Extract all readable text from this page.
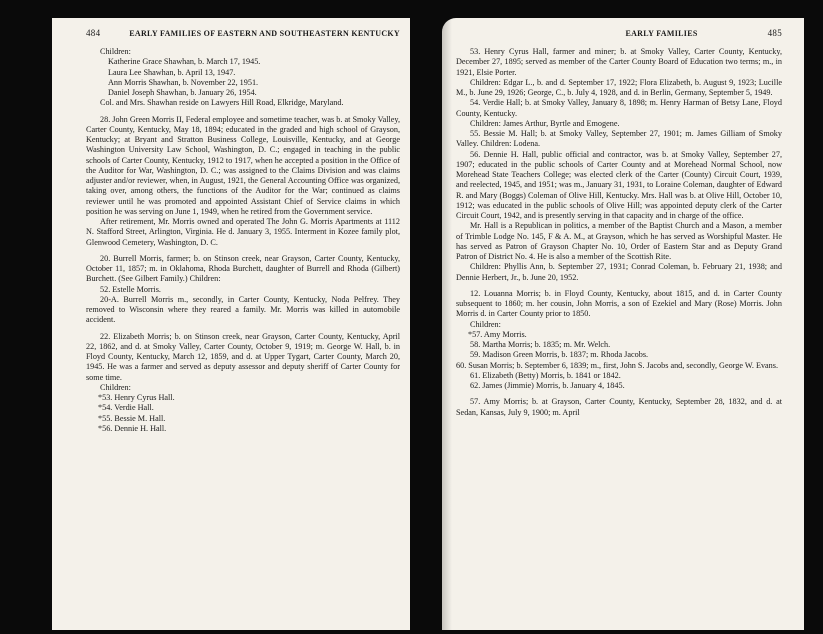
484	EARLY FAMILIES OF EASTERN AND SOUTHEASTERN KENTUCKY

Children:

Katherine Grace Shawhan, b. March 17, 1945.

Laura Lee Shawhan, b. April 13, 1947.

Ann Morris Shawhan, b. November 22, 1951.

Daniel Joseph Shawhan, b. January 26, 1954.

Col. and Mrs. Shawhan reside on Lawyers Hill Road, Elkridge, Maryland.

28. John Green Morris II, Federal employee and sometime teacher, was b. at Smoky Valley, Carter County, Kentucky, May 18, 1894; educated in the graded and high school of Grayson, Kentucky; at Bryant and Stratton Business College, Louisville, Kentucky, and at George Washington University Law School, Washington, D. C.; engaged in teaching in the public schools of Carter County, Kentucky, 1912 to 1917, when he accepted a position in the Office of the Auditor for War, Washington, D. C.; was assigned to the Claims Division and was claims adjuster and/or reviewer, when, in August, 1921, the General Accounting Office was organized, taking over, among others, the functions of the Auditor for the War; continued as claims reviewer until he was promoted and appointed Assistant Chief of Service claims in which position he was serving on June 1, 1949, when he retired from the Government service.

After retirement, Mr. Morris owned and operated The John G. Morris Apartments at 1112 N. Stafford Street, Arlington, Virginia. He d. January 3, 1955. Interment in Kozee family plot, Glenwood Cemetery, Washington, D. C.

20. Burrell Morris, farmer; b. on Stinson creek, near Grayson, Carter County, Kentucky, October 11, 1857; m. in Oklahoma, Rhoda Burchett, daughter of Burrell and Rhoda (Gilbert) Burchett. (See Gilbert Family.) Children:

52. Estelle Morris.

20-A. Burrell Morris m., secondly, in Carter County, Kentucky, Noda Pelfrey. They removed to Wisconsin where they reared a family. Mr. Morris was killed in automobile accident.

22. Elizabeth Morris; b. on Stinson creek, near Grayson, Carter County, Kentucky, April 22, 1862, and d. at Smoky Valley, Carter County, October 9, 1919; m. George W. Hall, b. in Floyd County, Kentucky, March 12, 1859, and d. at Upper Tygart, Carter County, March 20, 1945. He was a farmer and served as deputy assessor and deputy sheriff of Carter County for some time.

Children:

*53. Henry Cyrus Hall.

*54. Verdie Hall.

*55. Bessie M. Hall.

*56. Dennie H. Hall.

EARLY FAMILIES	485

53. Henry Cyrus Hall, farmer and miner; b. at Smoky Valley, Carter County, Kentucky, December 27, 1895; served as member of the Carter County Board of Education two terms; m., in 1921, Elsie Porter.

Children: Edgar L., b. and d. September 17, 1922; Flora Elizabeth, b. August 9, 1923; Lucille M., b. June 29, 1926; George, C., b. July 4, 1928, and d. in Berlin, Germany, September 5, 1949.

54. Verdie Hall; b. at Smoky Valley, January 8, 1898; m. Henry Harman of Betsy Lane, Floyd County, Kentucky.

Children: James Arthur, Byrtle and Emogene.

55. Bessie M. Hall; b. at Smoky Valley, September 27, 1901; m. James Gilliam of Smoky Valley. Children: Lodena.

56. Dennie H. Hall, public official and contractor, was b. at Smoky Valley, September 27, 1907; educated in the public schools of Carter County and at Morehead Normal School, now Morehead State Teachers College; was elected clerk of the Carter (County) Circuit Court, 1939, and reelected, 1945, and 1951; was m., January 31, 1931, to Loraine Coleman, daughter of Edward R. and Mary (Boggs) Coleman of Olive Hill, Kentucky. Mrs. Hall was b. at Olive Hill, October 10, 1912; was educated in the public schools of Olive Hill; was appointed deputy clerk of the Carter Circuit Court, 1942, and is presently serving in that capacity and in charge of the office.

Mr. Hall is a Republican in politics, a member of the Baptist Church and a Mason, a member of Trimble Lodge No. 145, F & A. M., at Grayson, which he has served as Worshipful Master. He has served as Patron of Grayson Chapter No. 10, Order of Eastern Star and as Deputy Grand Patron of District No. 4. He is also a member of the Scottish Rite.

Children: Phyllis Ann, b. September 27, 1931; Conrad Coleman, b. February 21, 1938; and Dennie Herbert, Jr., b. June 20, 1952.

12. Louanna Morris; b. in Floyd County, Kentucky, about 1815, and d. in Carter County subsequent to 1860; m. her cousin, John Morris, a son of Ezekiel and Mary (Rose) Morris. John Morris d. in Carter County prior to 1850.

Children:

*57. Amy Morris.

58. Martha Morris; b. 1835; m. Mr. Welch.

59. Madison Green Morris, b. 1837; m. Rhoda Jacobs.

60. Susan Morris; b. September 6, 1839; m., first, John S. Jacobs and, secondly, George W. Evans.

61. Elizabeth (Betty) Morris, b. 1841 or 1842.

62. James (Jimmie) Morris, b. January 4, 1845.

57. Amy Morris; b. at Grayson, Carter County, Kentucky, September 28, 1832, and d. at Sedan, Kansas, July 9, 1900; m. April
